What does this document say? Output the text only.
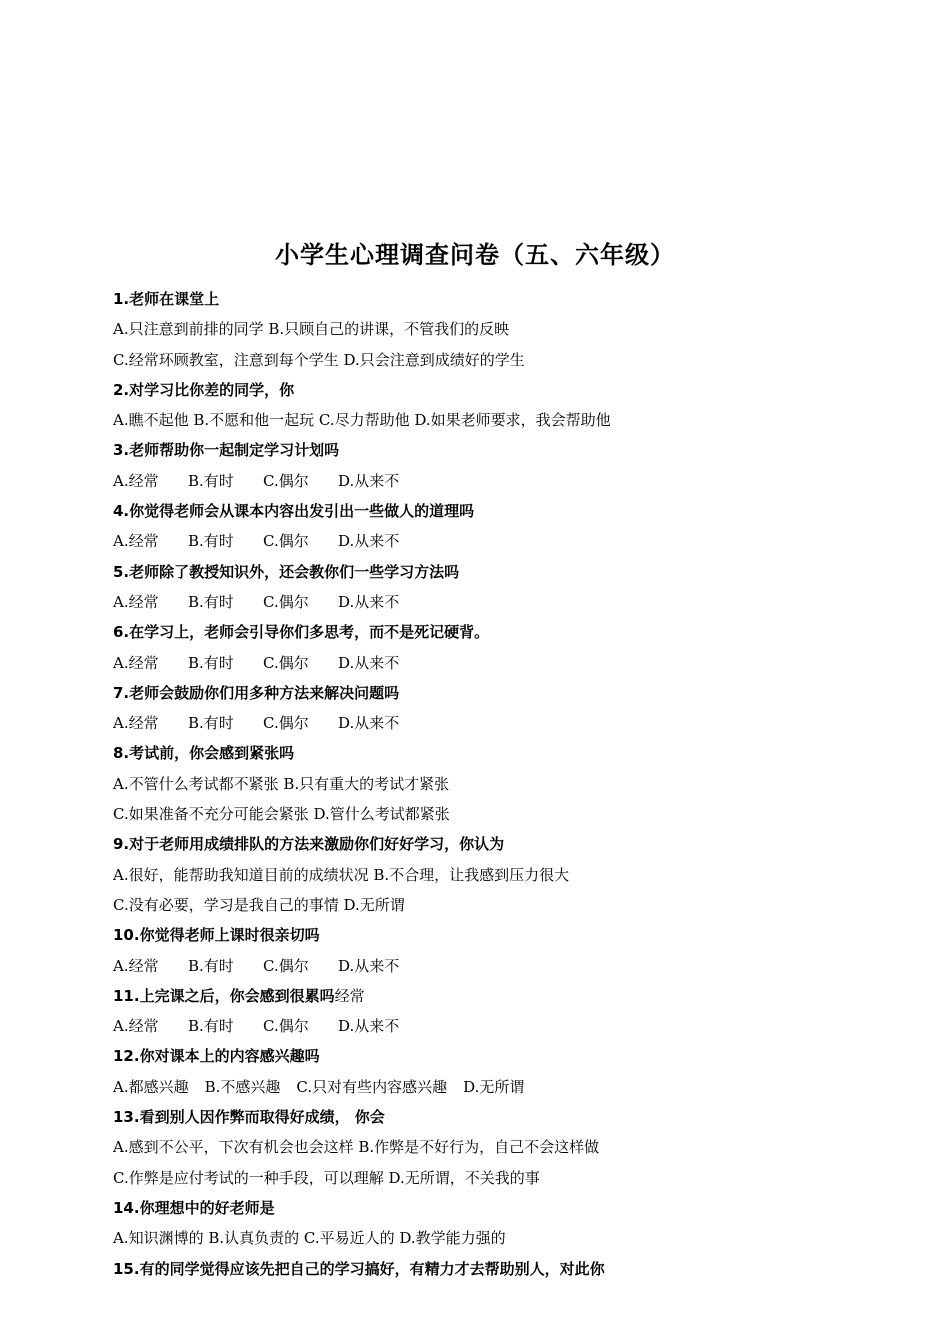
小学生心理调查问卷（五、六年级）
1.老师在课堂上
A.只注意到前排的同学 B.只顾自己的讲课，不管我们的反映
C.经常环顾教室，注意到每个学生 D.只会注意到成绩好的学生
2.对学习比你差的同学，你
A.瞧不起他 B.不愿和他一起玩 C.尽力帮助他 D.如果老师要求，我会帮助他
3.老师帮助你一起制定学习计划吗
A.经常 B.有时 C.偶尔 D.从来不
4.你觉得老师会从课本内容出发引出一些做人的道理吗
A.经常 B.有时 C.偶尔 D.从来不
5.老师除了教授知识外，还会教你们一些学习方法吗
A.经常 B.有时 C.偶尔 D.从来不
6.在学习上，老师会引导你们多思考，而不是死记硬背。
A.经常 B.有时 C.偶尔 D.从来不
7.老师会鼓励你们用多种方法来解决问题吗
A.经常 B.有时 C.偶尔 D.从来不
8.考试前，你会感到紧张吗
A.不管什么考试都不紧张 B.只有重大的考试才紧张
C.如果准备不充分可能会紧张 D.管什么考试都紧张
9.对于老师用成绩排队的方法来激励你们好好学习，你认为
A.很好，能帮助我知道目前的成绩状况 B.不合理，让我感到压力很大
C.没有必要，学习是我自己的事情 D.无所谓
10.你觉得老师上课时很亲切吗
A.经常 B.有时 C.偶尔 D.从来不
11.上完课之后，你会感到很累吗经常
A.经常 B.有时 C.偶尔 D.从来不
12.你对课本上的内容感兴趣吗
A.都感兴趣 B.不感兴趣 C.只对有些内容感兴趣 D.无所谓
13.看到别人因作弊而取得好成绩， 你会
A.感到不公平，下次有机会也会这样 B.作弊是不好行为，自己不会这样做
C.作弊是应付考试的一种手段，可以理解 D.无所谓，不关我的事
14.你理想中的好老师是
A.知识渊博的 B.认真负责的 C.平易近人的 D.教学能力强的
15.有的同学觉得应该先把自己的学习搞好，有精力才去帮助别人，对此你
